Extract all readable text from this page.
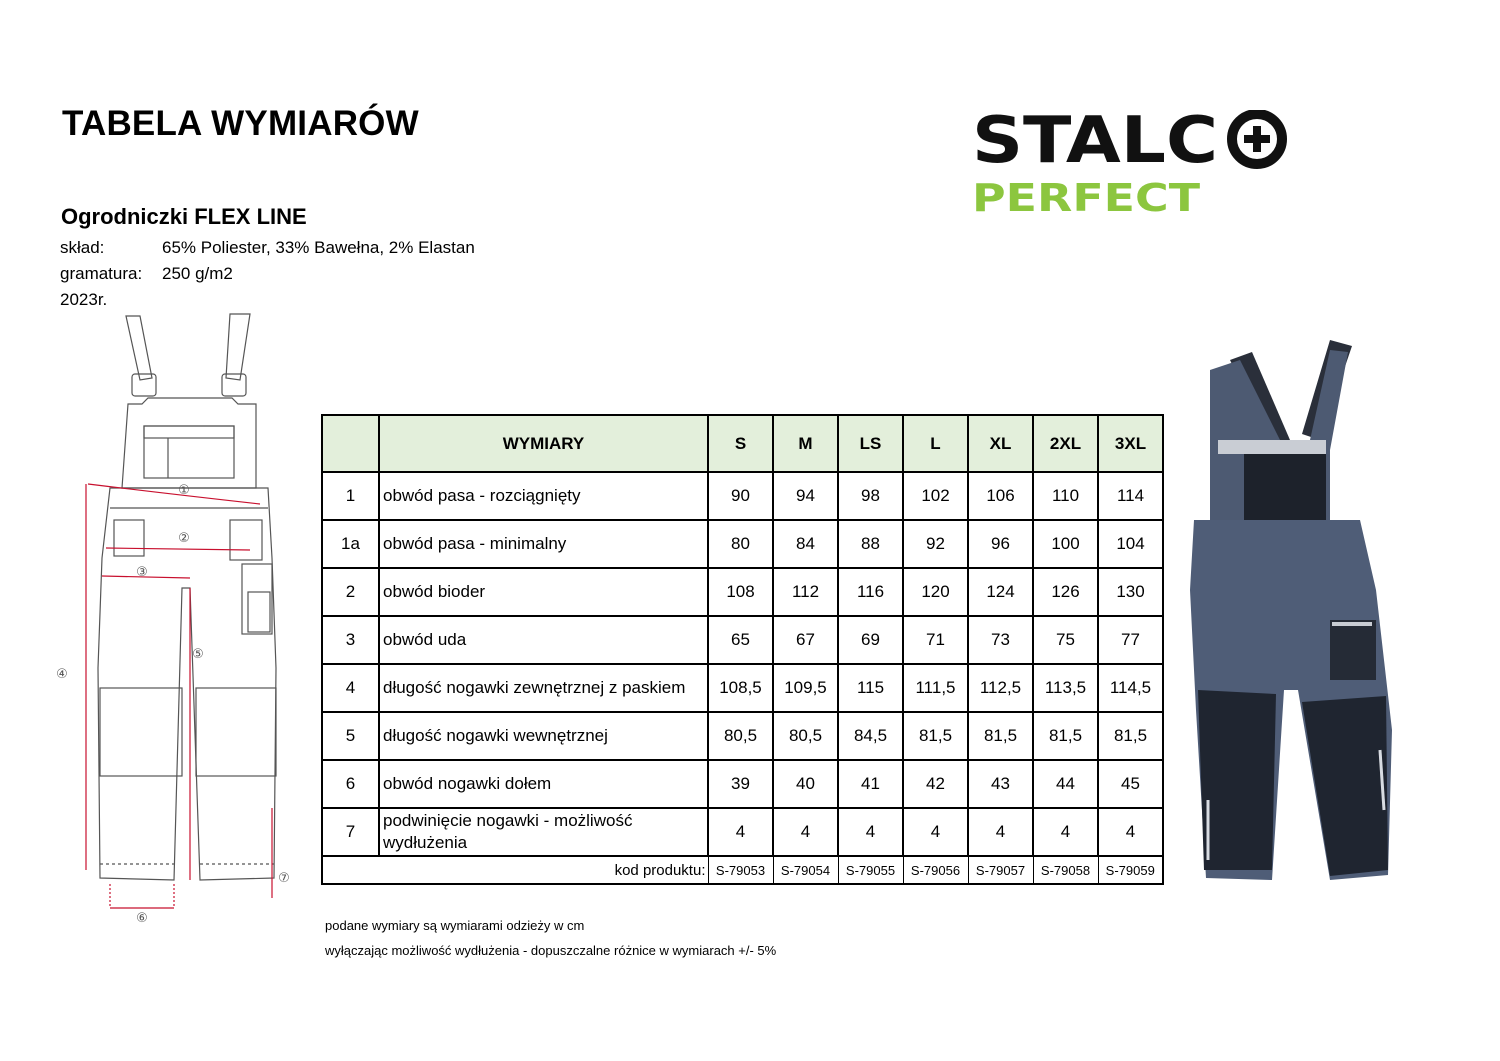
TABELA WYMIARÓW
Ogrodniczki FLEX LINE
skład:	65% Poliester, 33% Bawełna, 2% Elastan
gramatura: 250 g/m2
2023r.
STALC
PERFECT
①
②
③
④
⑤
⑥
⑦
	WYMIARY	S	M	LS	L	XL	2XL	3XL
1	obwód pasa - rozciągnięty	90	94	98	102	106	110	114
1a	obwód pasa - minimalny	80	84	88	92	96	100	104
2	obwód bioder	108	112	116	120	124	126	130
3	obwód uda	65	67	69	71	73	75	77
4	długość nogawki zewnętrznej z paskiem	108,5	109,5	115	111,5	112,5	113,5	114,5
5	długość nogawki wewnętrznej	80,5	80,5	84,5	81,5	81,5	81,5	81,5
6	obwód nogawki dołem	39	40	41	42	43	44	45
7	podwinięcie nogawki - możliwość wydłużenia	4	4	4	4	4	4	4
kod produktu:		S-79053	S-79054	S-79055	S-79056	S-79057	S-79058	S-79059
podane wymiary są wymiarami odzieży w cm
wyłączając możliwość wydłużenia - dopuszczalne różnice w wymiarach +/- 5%
